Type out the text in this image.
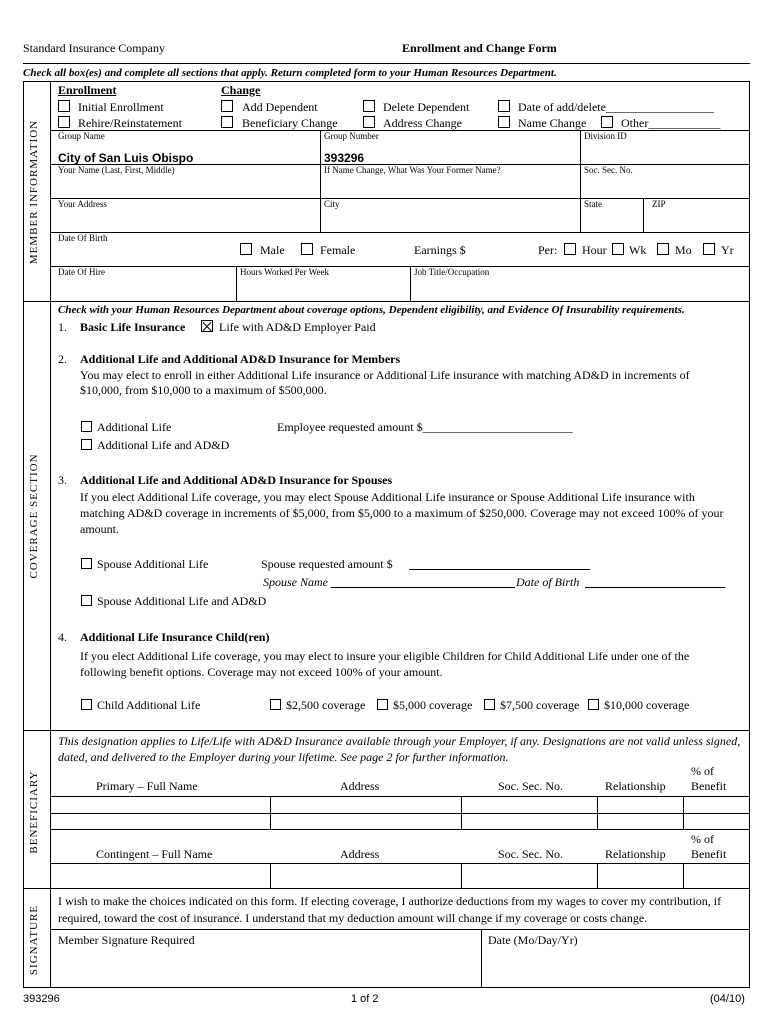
Standard Insurance Company	Enrollment and Change Form
Check all box(es) and complete all sections that apply. Return completed form to your Human Resources Department.
MEMBER INFORMATION
COVERAGE SECTION
BENEFICIARY
SIGNATURE
Enrollment	Change
Initial Enrollment
Rehire/Reinstatement
Add Dependent
Beneficiary Change
Delete Dependent
Address Change
Date of add/delete__________________
Name Change	Other____________
Group Name
City of San Luis Obispo
Group Number
393296
Division ID
Your Name (Last, First, Middle)	If Name Change, What Was Your Former Name?	Soc. Sec. No.
Your Address	City	State	ZIP
Date Of Birth
Male	Female	Earnings $	Per: Hour Wk Mo Yr
Date Of Hire	Hours Worked Per Week	Job Title/Occupation
Check with your Human Resources Department about coverage options, Dependent eligibility, and Evidence Of Insurability requirements.
1. Basic Life Insurance	Life with AD&D Employer Paid
2. Additional Life and Additional AD&D Insurance for Members
You may elect to enroll in either Additional Life insurance or Additional Life insurance with matching AD&D in increments of $10,000, from $10,000 to a maximum of $500,000.
Additional Life
Additional Life and AD&D
Employee requested amount $_________________________
3. Additional Life and Additional AD&D Insurance for Spouses
If you elect Additional Life coverage, you may elect Spouse Additional Life insurance or Spouse Additional Life insurance with matching AD&D coverage in increments of $5,000, from $5,000 to a maximum of $250,000. Coverage may not exceed 100% of your amount.
Spouse Additional Life	Spouse requested amount $
Spouse Name	Date of Birth
Spouse Additional Life and AD&D
4. Additional Life Insurance Child(ren)
If you elect Additional Life coverage, you may elect to insure your eligible Children for Child Additional Life under one of the following benefit options. Coverage may not exceed 100% of your amount.
Child Additional Life	$2,500 coverage $5,000 coverage $7,500 coverage $10,000 coverage
This designation applies to Life/Life with AD&D Insurance available through your Employer, if any. Designations are not valid unless signed, dated, and delivered to the Employer during your lifetime. See page 2 for further information.
Primary – Full Name	Address	Soc. Sec. No.	Relationship
% of
Benefit
Contingent – Full Name	Address	Soc. Sec. No.	Relationship
% of
Benefit
I wish to make the choices indicated on this form. If electing coverage, I authorize deductions from my wages to cover my contribution, if required, toward the cost of insurance. I understand that my deduction amount will change if my coverage or costs change.
Member Signature Required	Date (Mo/Day/Yr)
393296	1 of 2	(04/10)
